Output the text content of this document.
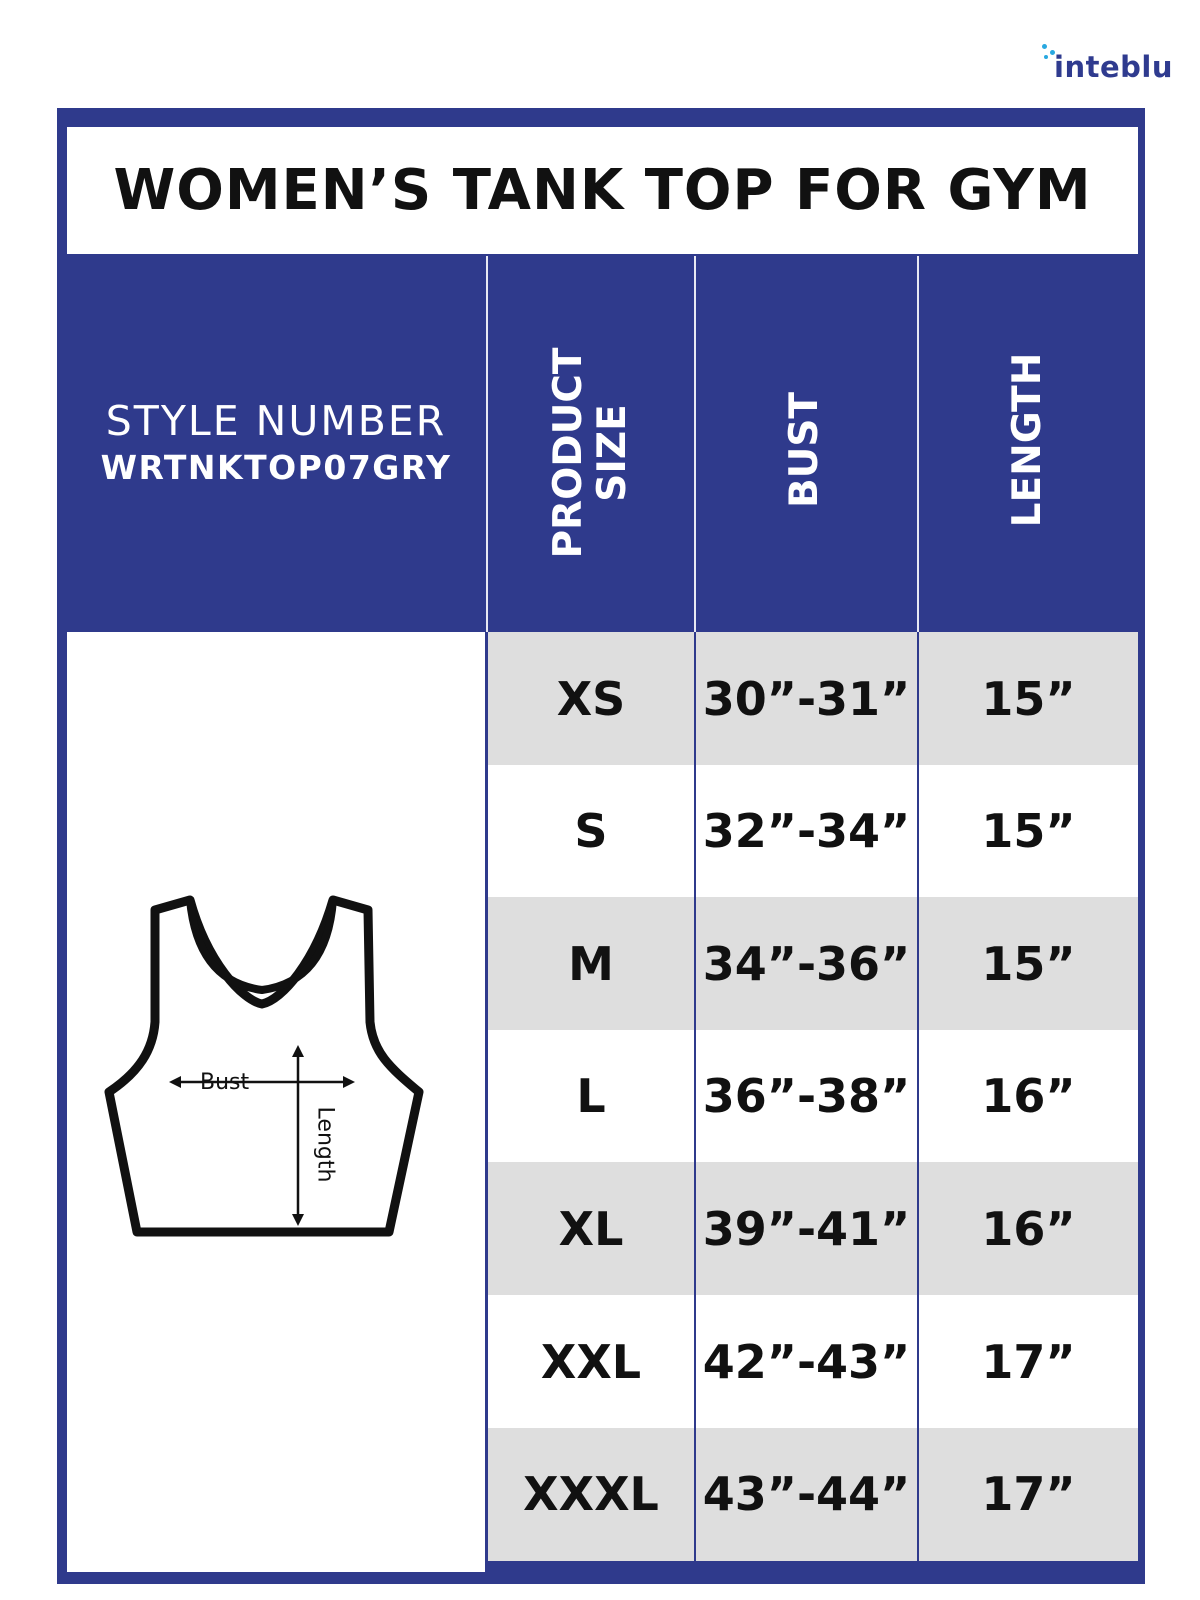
inteblu
WOMEN’S TANK TOP FOR GYM
STYLE NUMBER
WRTNKTOP07GRY PRODUCT SIZE	BUST	LENGTH
Bust
Length
XS	30”-31”	15”
S	32”-34”	15”
M	34”-36”	15”
L	36”-38”	16”
XL	39”-41”	16”
XXL	42”-43”	17”
XXXL 43”-44”	17”
